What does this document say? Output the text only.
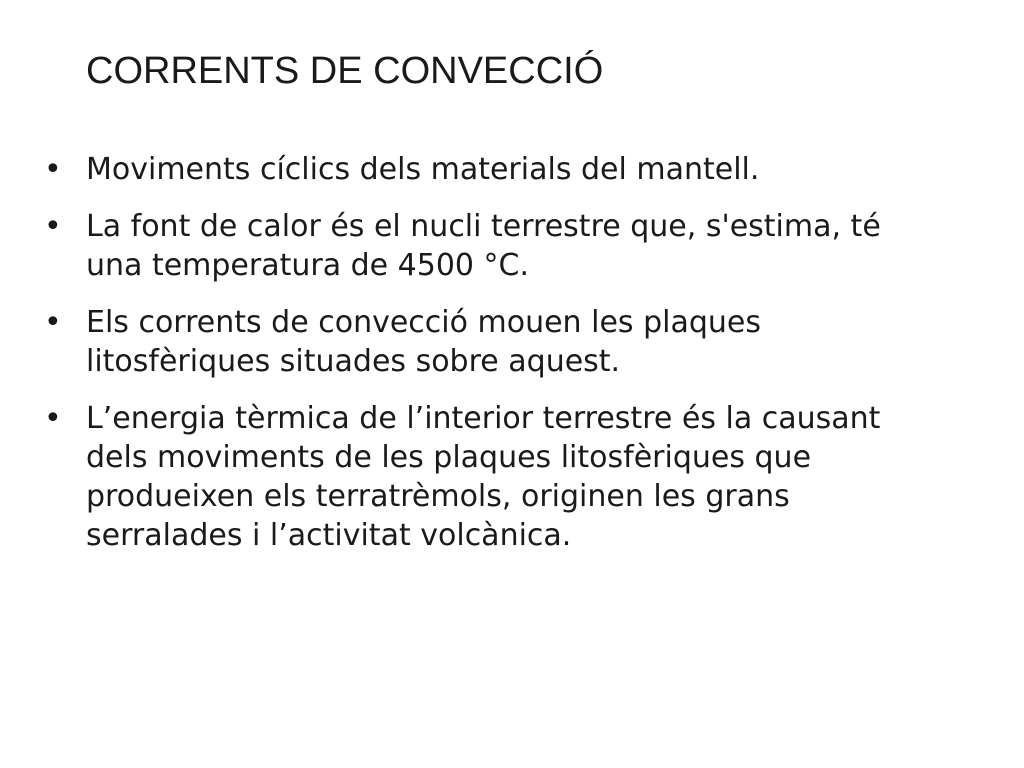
CORRENTS DE CONVECCIÓ
• Moviments cíclics dels materials del mantell.
• La font de calor és el nucli terrestre que, s'estima, té una temperatura de 4500 °C.
• Els corrents de convecció mouen les plaques litosfèriques situades sobre aquest.
• L’energia tèrmica de l’interior terrestre és la causant dels moviments de les plaques litosfèriques que produeixen els terratrèmols, originen les grans serralades i l’activitat volcànica.
